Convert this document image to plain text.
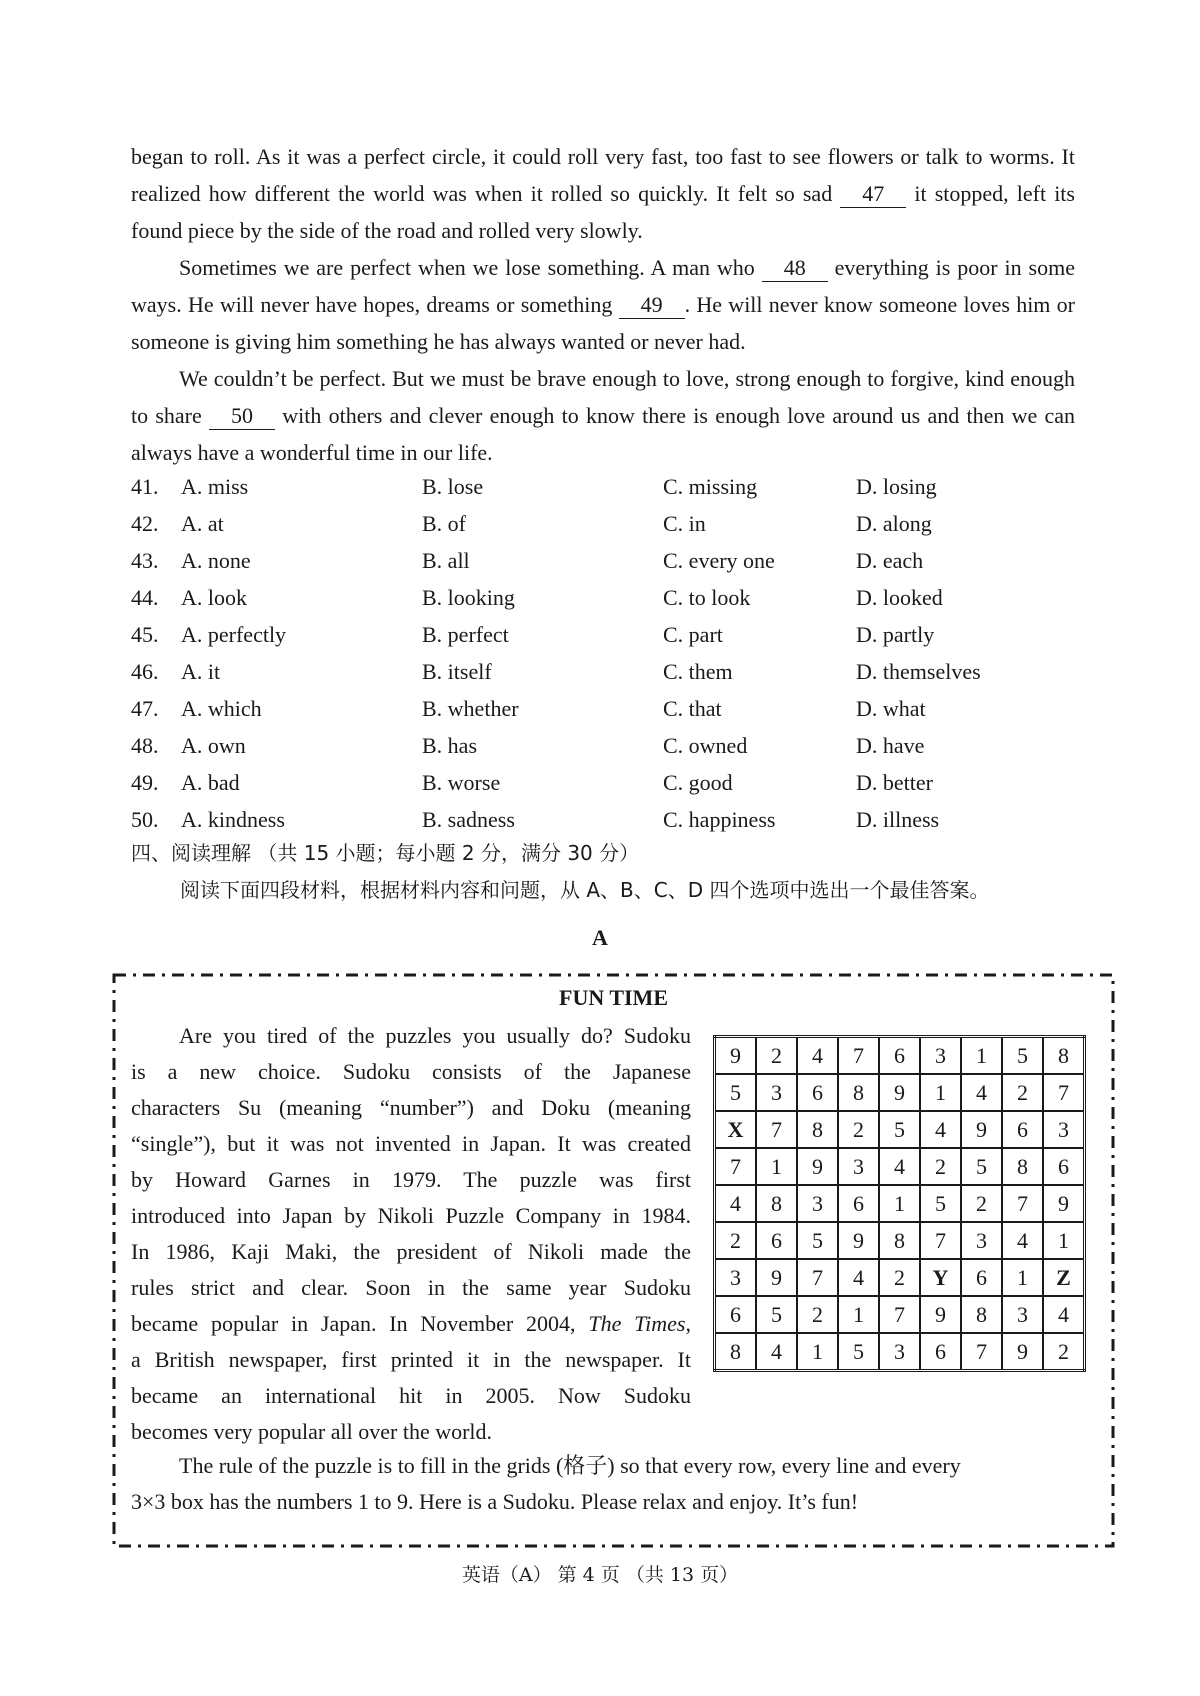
began to roll. As it was a perfect circle, it could roll very fast, too fast to see flowers or talk to worms. It realized how different the world was when it rolled so quickly. It felt so sad 47 it stopped, left its found piece by the side of the road and rolled very slowly.

Sometimes we are perfect when we lose something. A man who 48 everything is poor in some ways. He will never have hopes, dreams or something 49 . He will never know someone loves him or someone is giving him something he has always wanted or never had.

We couldn’t be perfect. But we must be brave enough to love, strong enough to forgive, kind enough to share 50 with others and clever enough to know there is enough love around us and then we can always have a wonderful time in our life.

41. A. miss	B. lose	C. missing	D. losing
42. A. at	B. of	C. in	D. along
43. A. none	B. all	C. every one	D. each
44. A. look	B. looking	C. to look	D. looked
45. A. perfectly	B. perfect	C. part	D. partly
46. A. it	B. itself	C. them	D. themselves
47. A. which	B. whether	C. that	D. what
48. A. own	B. has	C. owned	D. have
49. A. bad	B. worse	C. good	D. better
50. A. kindness	B. sadness	C. happiness	D. illness
四、阅读理解 （共 15 小题；每小题 2 分，满分 30 分）
阅读下面四段材料，根据材料内容和问题，从 A、B、C、D 四个选项中选出一个最佳答案。
A
FUN TIME

Are you tired of the puzzles you usually do? Sudoku

is a new choice. Sudoku consists of the Japanese

characters Su (meaning “number”) and Doku (meaning

“single”), but it was not invented in Japan. It was created

by Howard Garnes in 1979. The puzzle was first

introduced into Japan by Nikoli Puzzle Company in 1984.

In 1986, Kaji Maki, the president of Nikoli made the

rules strict and clear. Soon in the same year Sudoku

became popular in Japan. In November 2004, The Times,

a British newspaper, first printed it in the newspaper. It

became an international hit in 2005. Now Sudoku

becomes very popular all over the world.

9	2	4	7	6	3	1	5	8
5	3	6	8	9	1	4	2	7
X	7	8	2	5	4	9	6	3
7	1	9	3	4	2	5	8	6
4	8	3	6	1	5	2	7	9
2	6	5	9	8	7	3	4	1
3	9	7	4	2	Y	6	1	Z
6	5	2	1	7	9	8	3	4
8	4	1	5	3	6	7	9	2

The rule of the puzzle is to fill in the grids (格子) so that every row, every line and every

3×3 box has the numbers 1 to 9. Here is a Sudoku. Please relax and enjoy. It’s fun!

英语（A） 第 4 页 （共 13 页）
